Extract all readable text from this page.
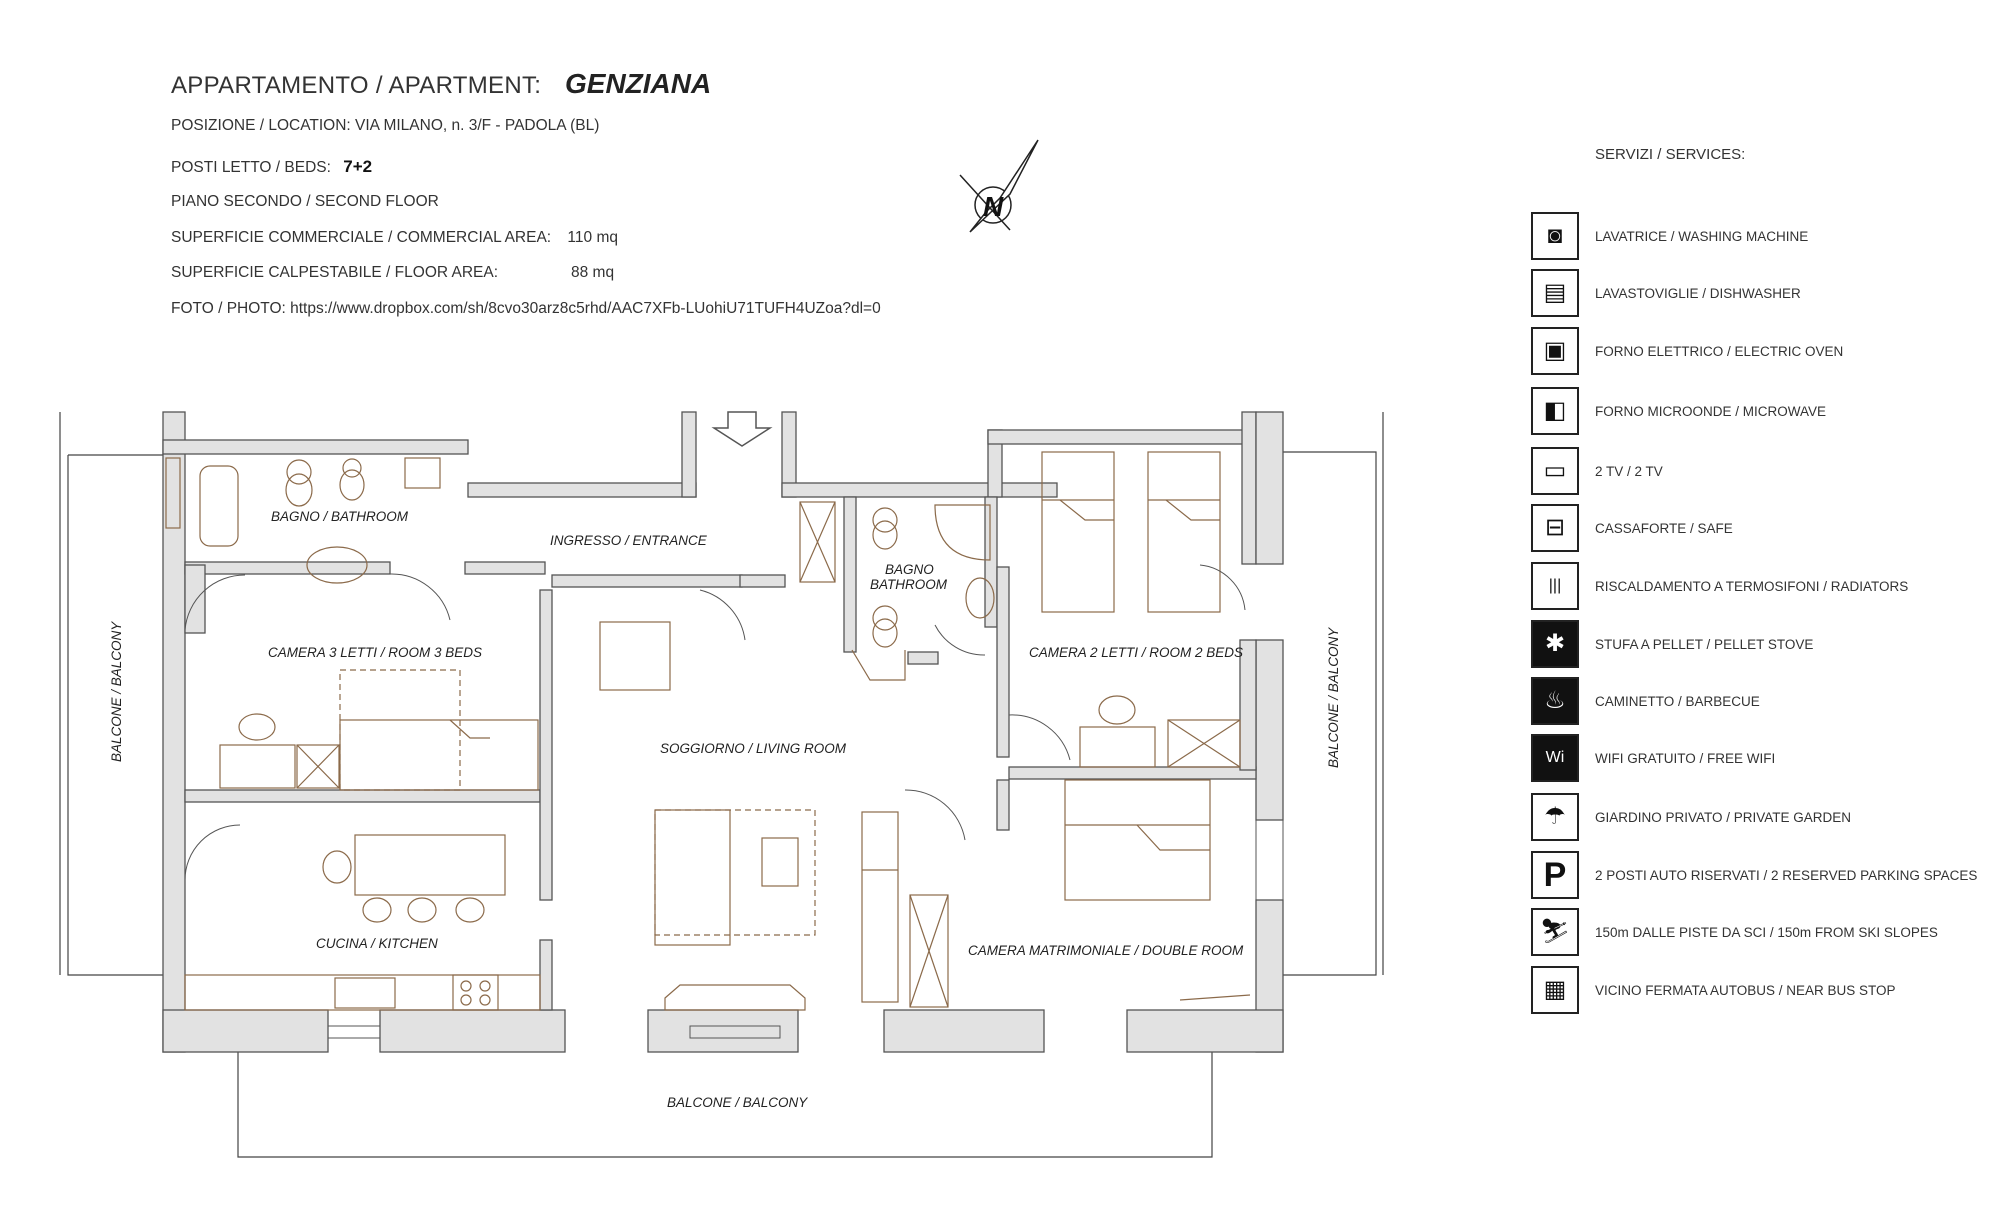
APPARTAMENTO / APARTMENT: GENZIANA
POSIZIONE / LOCATION: VIA MILANO, n. 3/F - PADOLA (BL)
POSTI LETTO / BEDS: 7+2
PIANO SECONDO / SECOND FLOOR
SUPERFICIE COMMERCIALE / COMMERCIAL AREA: 110 mq
SUPERFICIE CALPESTABILE / FLOOR AREA:	88 mq
FOTO / PHOTO: https://www.dropbox.com/sh/8cvo30arz8c5rhd/AAC7XFb-LUohiU71TUFH4UZoa?dl=0
N
BAGNO / BATHROOM
INGRESSO / ENTRANCE
BAGNO
BATHROOM
CAMERA 3 LETTI / ROOM 3 BEDS	CAMERA 2 LETTI / ROOM 2 BEDS
SOGGIORNO / LIVING ROOM
CUCINA / KITCHEN	CAMERA MATRIMONIALE / DOUBLE ROOM
BALCONE / BALCONY
BALCONE / BALCONY	BALCONE / BALCONY
SERVIZI / SERVICES:
◙	LAVATRICE / WASHING MACHINE
▤	LAVASTOVIGLIE / DISHWASHER
▣	FORNO ELETTRICO / ELECTRIC OVEN
◧	FORNO MICROONDE / MICROWAVE
▭	2 TV / 2 TV
⊟	CASSAFORTE / SAFE
|||	RISCALDAMENTO A TERMOSIFONI / RADIATORS
✱	STUFA A PELLET / PELLET STOVE
♨	CAMINETTO / BARBECUE
Wi	WIFI GRATUITO / FREE WIFI
☂	GIARDINO PRIVATO / PRIVATE GARDEN
P	2 POSTI AUTO RISERVATI / 2 RESERVED PARKING SPACES
⛷	150m DALLE PISTE DA SCI / 150m FROM SKI SLOPES
▦	VICINO FERMATA AUTOBUS / NEAR BUS STOP
